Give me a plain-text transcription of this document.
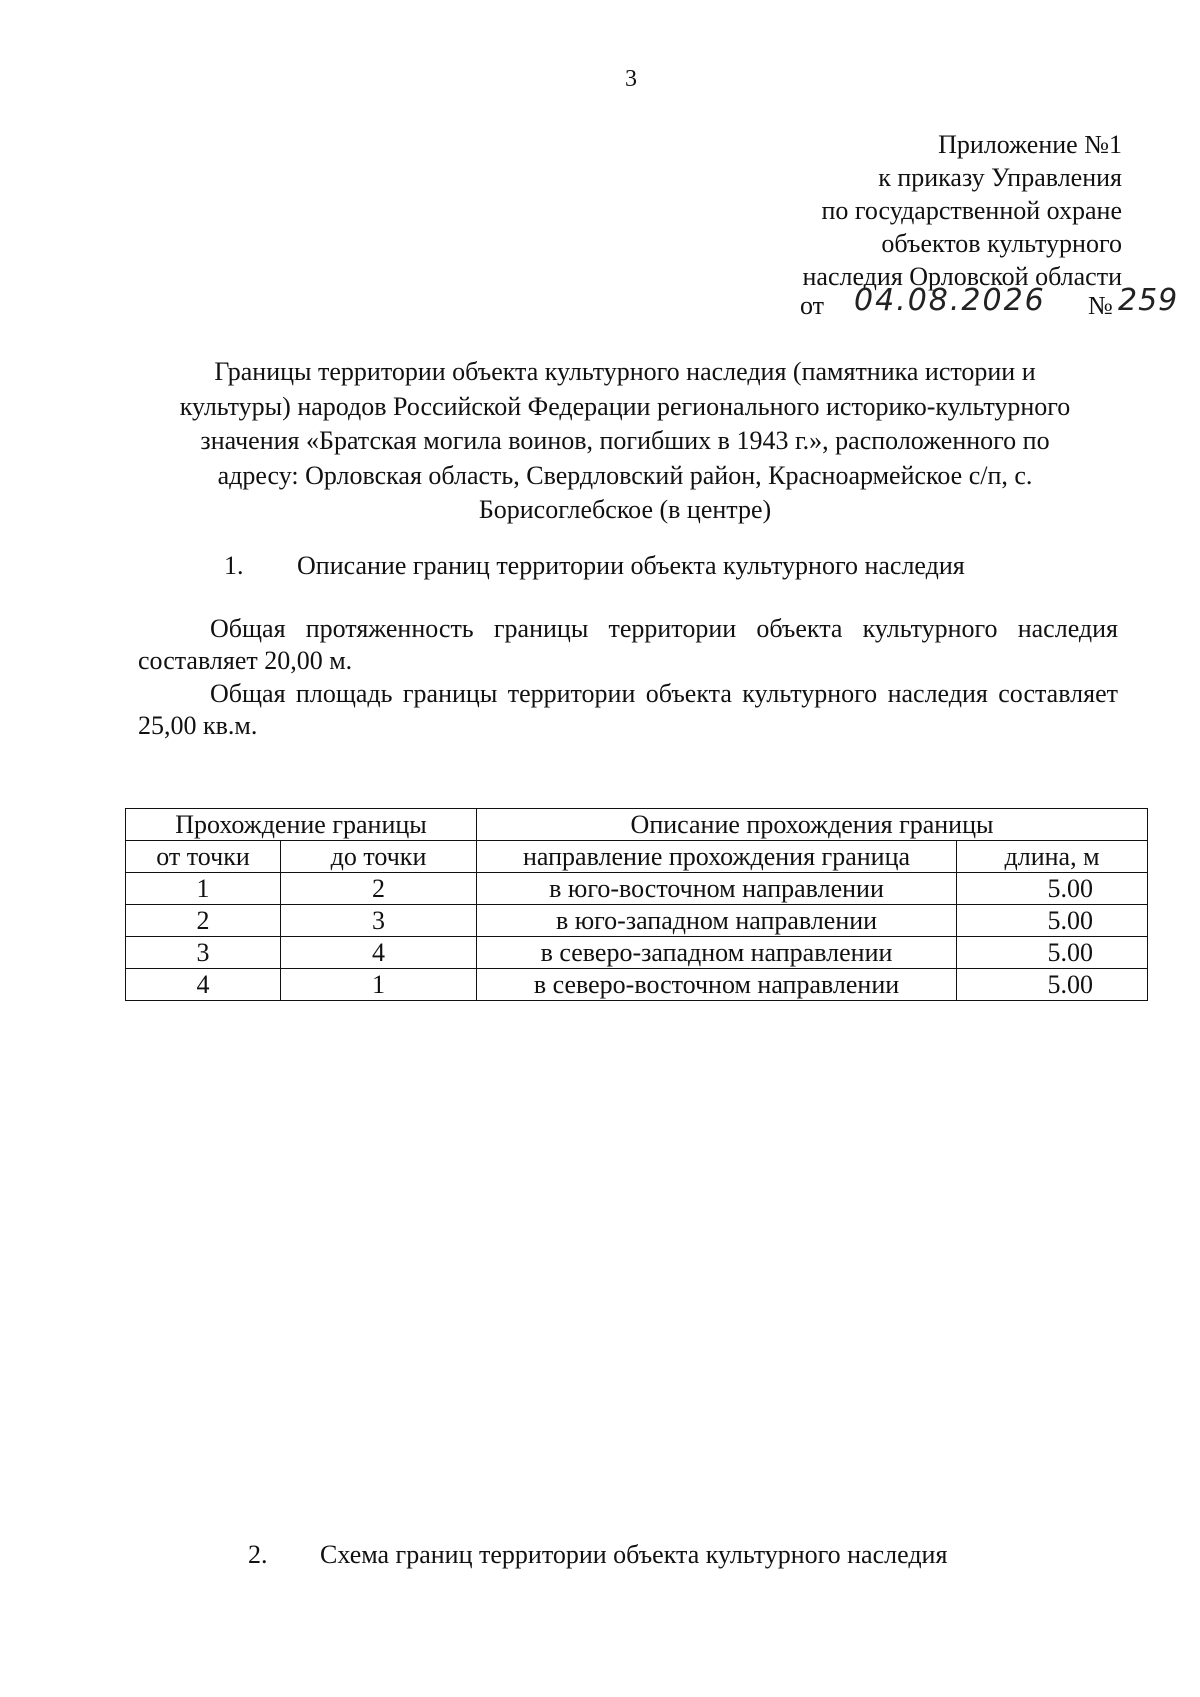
3
Приложение №1
к приказу Управления
по государственной охране
объектов культурного
наследия Орловской области
от 04.08.2026 № 259
Границы территории объекта культурного наследия (памятника истории и
культуры) народов Российской Федерации регионального историко-культурного
значения «Братская могила воинов, погибших в 1943 г.», расположенного по
адресу: Орловская область, Свердловский район, Красноармейское с/п, с.
Борисоглебское (в центре)
1. Описание границ территории объекта культурного наследия
Общая протяженность границы территории объекта культурного наследия составляет 20,00 м.
Общая площадь границы территории объекта культурного наследия составляет 25,00 кв.м.
Прохождение границы		Описание прохождения границы	
от точки	до точки	направление прохождения граница	длина, м
1	2	в юго-восточном направлении	5.00
2	3	в юго-западном направлении	5.00
3	4	в северо-западном направлении	5.00
4	1	в северо-восточном направлении	5.00
2. Схема границ территории объекта культурного наследия
